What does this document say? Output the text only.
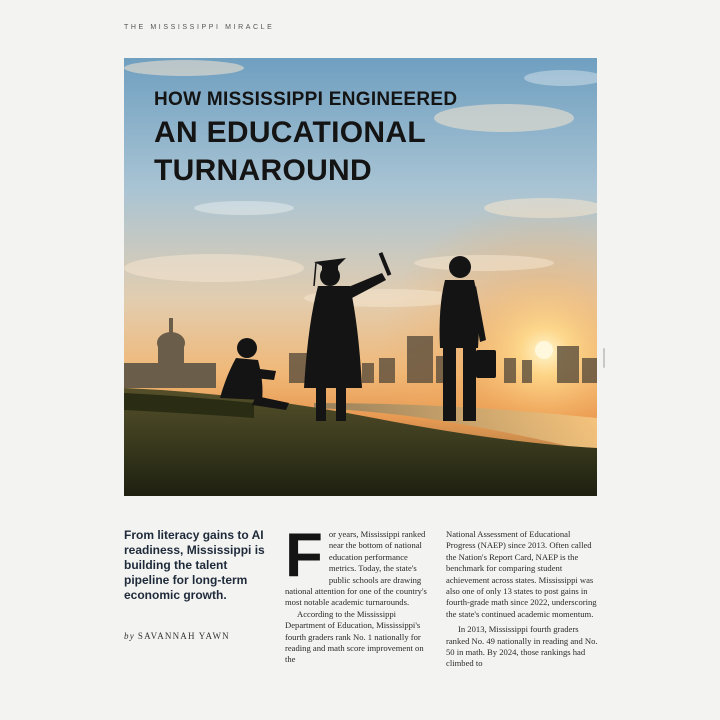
THE MISSISSIPPI MIRACLE
HOW MISSISSIPPI ENGINEERED
AN EDUCATIONAL
TURNAROUND

From literacy gains to AI readiness, Mississippi is building the talent pipeline for long-term economic growth.

by SAVANNAH YAWN

For years, Mississippi ranked near the bottom of national education performance metrics. Today, the state's public schools are drawing national attention for one of the country's most notable academic turnarounds.

According to the Mississippi Department of Education, Mississippi's fourth graders rank No. 1 nationally for reading and math score improvement on the

National Assessment of Educational Progress (NAEP) since 2013. Often called the Nation's Report Card, NAEP is the benchmark for comparing student achievement across states. Mississippi was also one of only 13 states to post gains in fourth-grade math since 2022, underscoring the state's continued academic momentum.

In 2013, Mississippi fourth graders ranked No. 49 nationally in reading and No. 50 in math. By 2024, those rankings had climbed to
